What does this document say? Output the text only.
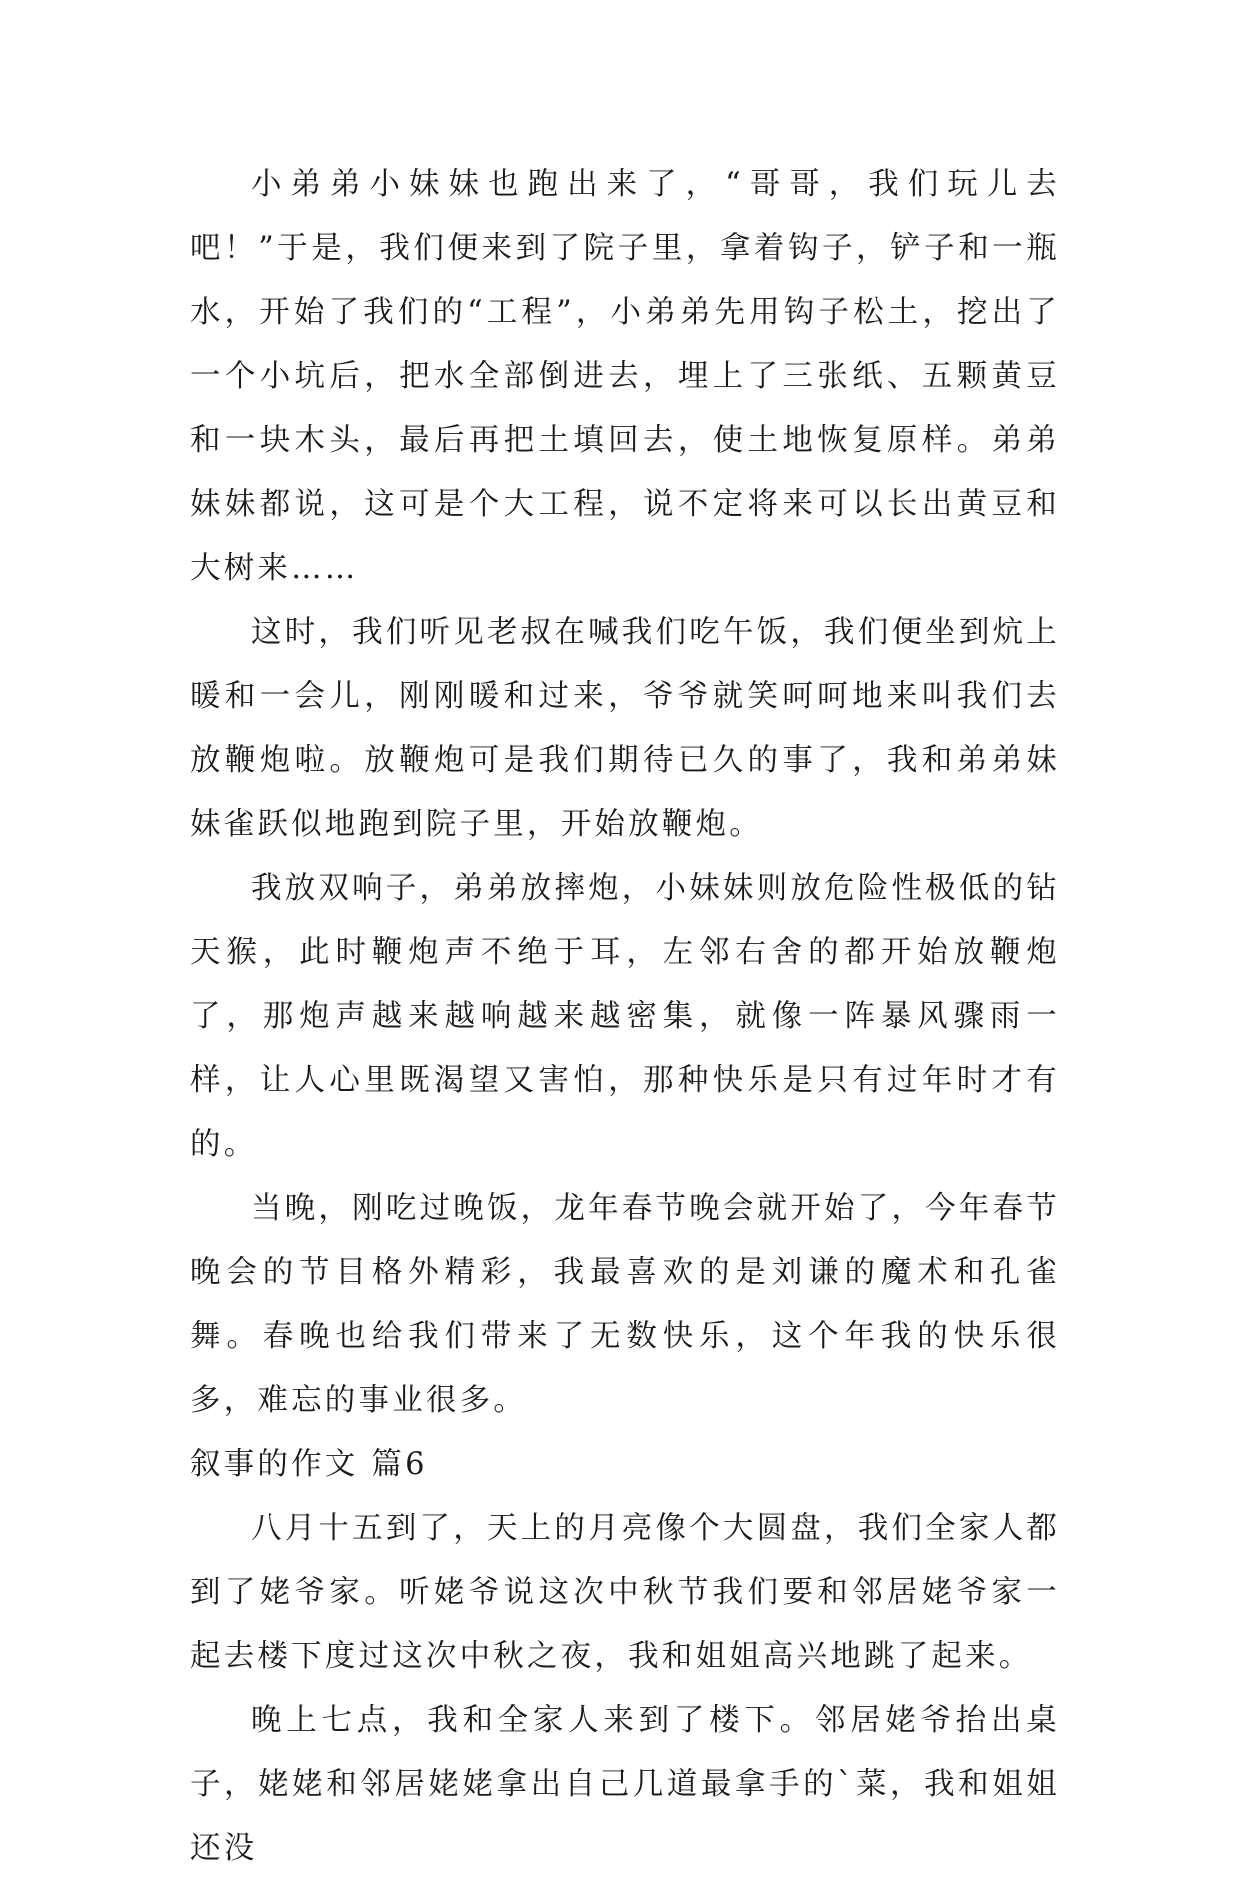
小弟弟小妹妹也跑出来了，“哥哥，我们玩儿去吧！”于是，我们便来到了院子里，拿着钩子，铲子和一瓶水，开始了我们的“工程”，小弟弟先用钩子松土，挖出了一个小坑后，把水全部倒进去，埋上了三张纸、五颗黄豆和一块木头，最后再把土填回去，使土地恢复原样。弟弟妹妹都说，这可是个大工程，说不定将来可以长出黄豆和大树来……

这时，我们听见老叔在喊我们吃午饭，我们便坐到炕上暖和一会儿，刚刚暖和过来，爷爷就笑呵呵地来叫我们去放鞭炮啦。放鞭炮可是我们期待已久的事了，我和弟弟妹妹雀跃似地跑到院子里，开始放鞭炮。

我放双响子，弟弟放摔炮，小妹妹则放危险性极低的钻天猴，此时鞭炮声不绝于耳，左邻右舍的都开始放鞭炮了，那炮声越来越响越来越密集，就像一阵暴风骤雨一样，让人心里既渴望又害怕，那种快乐是只有过年时才有的。

当晚，刚吃过晚饭，龙年春节晚会就开始了，今年春节晚会的节目格外精彩，我最喜欢的是刘谦的魔术和孔雀舞。春晚也给我们带来了无数快乐，这个年我的快乐很多，难忘的事业很多。

叙事的作文 篇6

八月十五到了，天上的月亮像个大圆盘，我们全家人都到了姥爷家。听姥爷说这次中秋节我们要和邻居姥爷家一起去楼下度过这次中秋之夜，我和姐姐高兴地跳了起来。

晚上七点，我和全家人来到了楼下。邻居姥爷抬出桌子，姥姥和邻居姥姥拿出自己几道最拿手的`菜，我和姐姐还没
